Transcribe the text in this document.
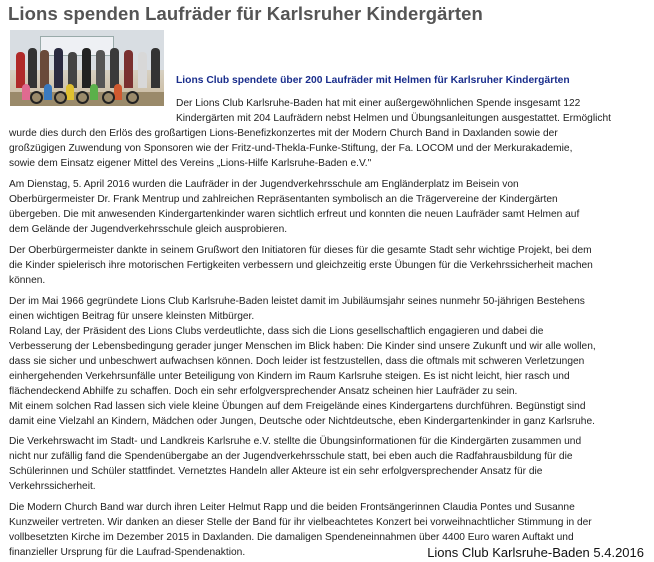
Lions spenden Laufräder für Karlsruher Kindergärten
Lions Club spendete über 200 Laufräder mit Helmen für Karlsruher Kindergärten

Der Lions Club Karlsruhe-Baden hat mit einer außergewöhnlichen Spende insgesamt 122
Kindergärten mit 204 Laufrädern nebst Helmen und Übungsanleitungen ausgestattet. Ermöglicht
wurde dies durch den Erlös des großartigen Lions-Benefizkonzertes mit der Modern Church Band in Daxlanden sowie der
großzügigen Zuwendung von Sponsoren wie der Fritz-und-Thekla-Funke-Stiftung, der Fa. LOCOM und der Merkurakademie,
sowie dem Einsatz eigener Mittel des Vereins „Lions-Hilfe Karlsruhe-Baden e.V."

Am Dienstag, 5. April 2016 wurden die Laufräder in der Jugendverkehrsschule am Engländerplatz im Beisein von
Oberbürgermeister Dr. Frank Mentrup und zahlreichen Repräsentanten symbolisch an die Trägervereine der Kindergärten
übergeben. Die mit anwesenden Kindergartenkinder waren sichtlich erfreut und konnten die neuen Laufräder samt Helmen auf
dem Gelände der Jugendverkehrsschule gleich ausprobieren.

Der Oberbürgermeister dankte in seinem Grußwort den Initiatoren für dieses für die gesamte Stadt sehr wichtige Projekt, bei dem
die Kinder spielerisch ihre motorischen Fertigkeiten verbessern und gleichzeitig erste Übungen für die Verkehrssicherheit machen
können.

Der im Mai 1966 gegründete Lions Club Karlsruhe-Baden leistet damit im Jubiläumsjahr seines nunmehr 50-jährigen Bestehens
einen wichtigen Beitrag für unsere kleinsten Mitbürger.
Roland Lay, der Präsident des Lions Clubs verdeutlichte, dass sich die Lions gesellschaftlich engagieren und dabei die
Verbesserung der Lebensbedingung gerader junger Menschen im Blick haben: Die Kinder sind unsere Zukunft und wir alle wollen,
dass sie sicher und unbeschwert aufwachsen können. Doch leider ist festzustellen, dass die oftmals mit schweren Verletzungen
einhergehenden Verkehrsunfälle unter Beteiligung von Kindern im Raum Karlsruhe steigen. Es ist nicht leicht, hier rasch und
flächendeckend Abhilfe zu schaffen. Doch ein sehr erfolgversprechender Ansatz scheinen hier Laufräder zu sein.
Mit einem solchen Rad lassen sich viele kleine Übungen auf dem Freigelände eines Kindergartens durchführen. Begünstigt sind
damit eine Vielzahl an Kindern, Mädchen oder Jungen, Deutsche oder Nichtdeutsche, eben Kindergartenkinder in ganz Karlsruhe.

Die Verkehrswacht im Stadt- und Landkreis Karlsruhe e.V. stellte die Übungsinformationen für die Kindergärten zusammen und
nicht nur zufällig fand die Spendenübergabe an der Jugendverkehrsschule statt, bei eben auch die Radfahrausbildung für die
Schülerinnen und Schüler stattfindet. Vernetztes Handeln aller Akteure ist ein sehr erfolgversprechender Ansatz für die
Verkehrssicherheit.

Die Modern Church Band war durch ihren Leiter Helmut Rapp und die beiden Frontsängerinnen Claudia Pontes und Susanne
Kunzweiler vertreten. Wir danken an dieser Stelle der Band für ihr vielbeachtetes Konzert bei vorweihnachtlicher Stimmung in der
vollbesetzten Kirche im Dezember 2015 in Daxlanden. Die damaligen Spendeneinnahmen über 4400 Euro waren Auftakt und
finanzieller Ursprung für die Laufrad-Spendenaktion.	Lions Club Karlsruhe-Baden 5.4.2016
